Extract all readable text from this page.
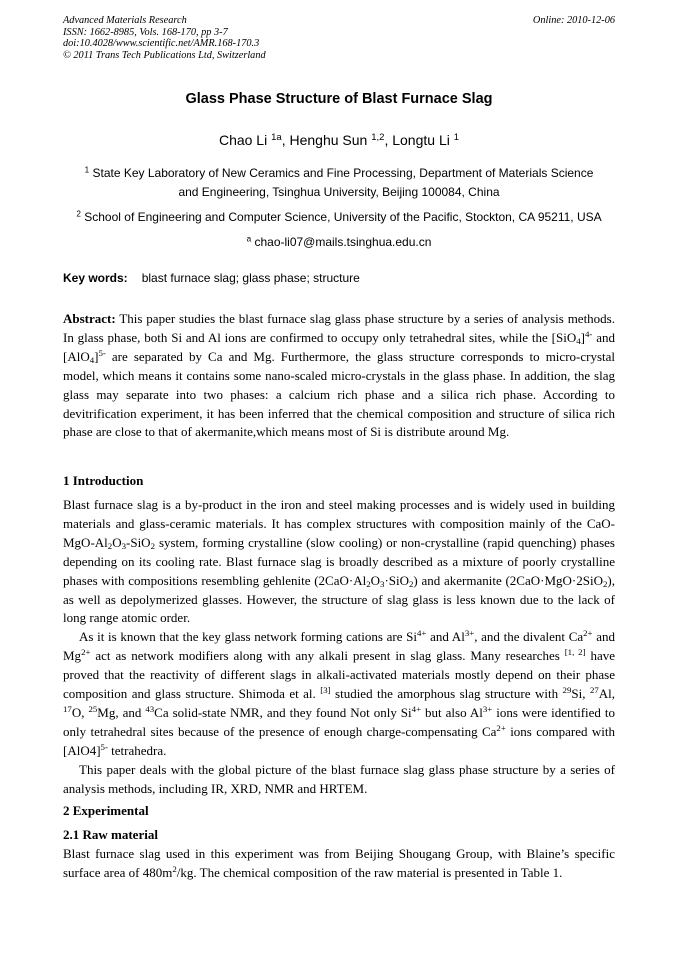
Advanced Materials Research
ISSN: 1662-8985, Vols. 168-170, pp 3-7
doi:10.4028/www.scientific.net/AMR.168-170.3
© 2011 Trans Tech Publications Ltd, Switzerland
Online: 2010-12-06
Glass Phase Structure of Blast Furnace Slag
Chao Li $^{1a}$, Henghu Sun $^{1,2}$, Longtu Li $^1$
$^1$ State Key Laboratory of New Ceramics and Fine Processing, Department of Materials Science
and Engineering, Tsinghua University, Beijing 100084, China
$^2$ School of Engineering and Computer Science, University of the Pacific, Stockton, CA 95211, USA
$^a$ chao-li07@mails.tsinghua.edu.cn
Key words: blast furnace slag; glass phase; structure

Abstract: This paper studies the blast furnace slag glass phase structure by a series of analysis methods. In glass phase, both Si and Al ions are confirmed to occupy only tetrahedral sites, while the $[SiO_4]^{4-}$ and $[AlO_4]^{5-}$ are separated by Ca and Mg. Furthermore, the glass structure corresponds to micro-crystal model, which means it contains some nano-scaled micro-crystals in the glass phase. In addition, the slag glass may separate into two phases: a calcium rich phase and a silica rich phase. According to devitrification experiment, it has been inferred that the chemical composition and structure of silica rich phase are close to that of akermanite,which means most of Si is distribute around Mg.

1 Introduction

Blast furnace slag is a by-product in the iron and steel making processes and is widely used in building materials and glass-ceramic materials. It has complex structures with composition mainly of the CaO-$MgO-Al_2O_3-SiO_2$ system, forming crystalline (slow cooling) or non-crystalline (rapid quenching) phases depending on its cooling rate. Blast furnace slag is broadly described as a mixture of poorly crystalline phases with compositions resembling gehlenite $(2CaO\cdot Al_2O_3\cdot SiO_2)$ and akermanite (2CaO·MgO·2SiO$_2$), as well as depolymerized glasses. However, the structure of slag glass is less known due to the lack of long range atomic order.

As it is known that the key glass network forming cations are $Si^{4+}$ and $Al^{3+}$, and the divalent $Ca^{2+}$ and $Mg^{2+}$ act as network modifiers along with any alkali present in slag glass. Many researches [1, 2] have proved that the reactivity of different slags in alkali-activated materials mostly depend on their phase composition and glass structure. Shimoda et al. [3] studied the amorphous slag structure with $^{29}$Si, $^{27}$Al, $^{17}$O, $^{25}$Mg, and $^{43}$Ca solid-state NMR, and they found Not only $Si^{4+}$ but also $Al^{3+}$ ions were identified to only tetrahedral sites because of the presence of enough charge-compensating $Ca^{2+}$ ions compared with $[AlO4]^{5-}$ tetrahedra.

This paper deals with the global picture of the blast furnace slag glass phase structure by a series of analysis methods, including IR, XRD, NMR and HRTEM.

2 Experimental
2.1 Raw material

Blast furnace slag used in this experiment was from Beijing Shougang Group, with Blaine’s specific surface area of $480m^2/kg$. The chemical composition of the raw material is presented in Table 1.
